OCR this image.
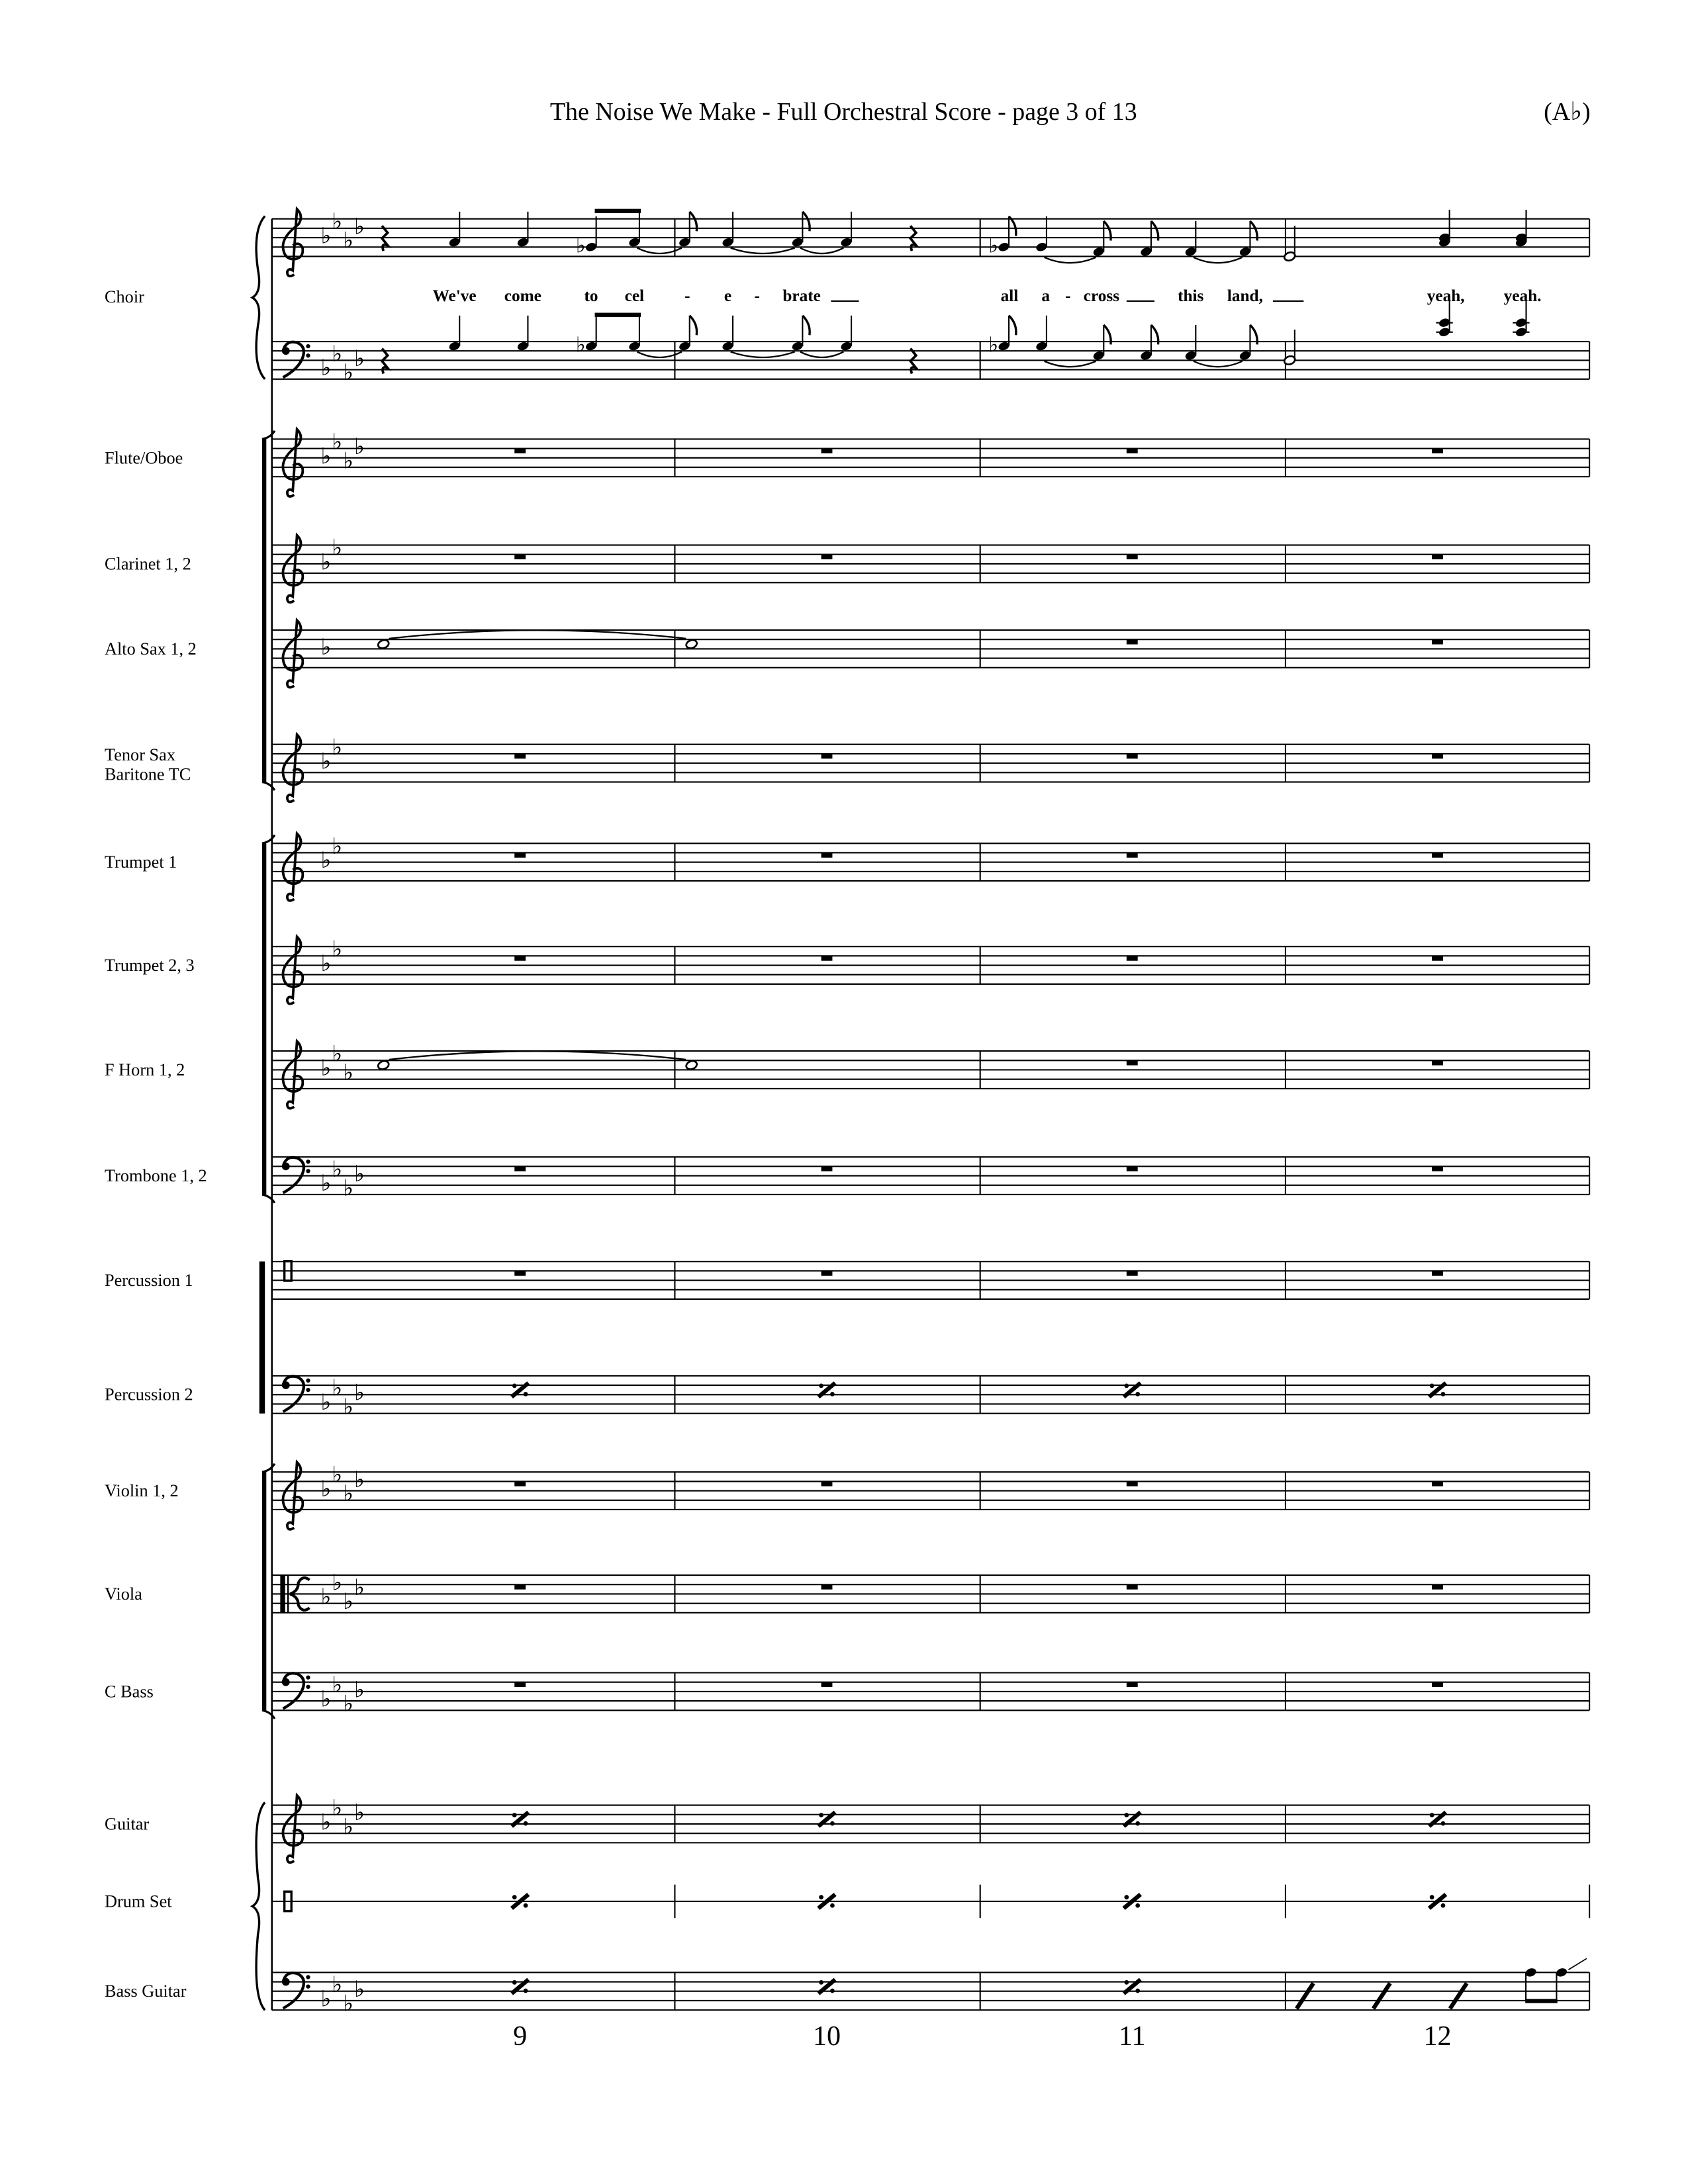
The Noise We Make - Full Orchestral Score - page 3 of 13	(A♭)
♭
♭
♭
♭
Choir
♭
♭
♭
♭
♭
♭
♭
♭
Flute/Oboe
♭
♭
Clarinet 1, 2
♭
Alto Sax 1, 2
♭
♭
Tenor Sax
Baritone TC
♭
♭
Trumpet 1
♭
♭
Trumpet 2, 3
♭
♭
♭
F Horn 1, 2
♭
♭
♭
♭
Trombone 1, 2
Percussion 1
♭
♭
♭
♭
Percussion 2
♭
♭
♭
♭
Violin 1, 2
♭
♭
♭
♭
Viola
♭
♭
♭
♭
C Bass
♭
♭
♭
♭
Guitar
Drum Set
♭
♭
♭
♭
Bass Guitar
♭	♭
♭	♭
We've	come	to	cel	-	e	-	brate	all	a - cross	this	land,	yeah,	yeah.
9	10	11	12
